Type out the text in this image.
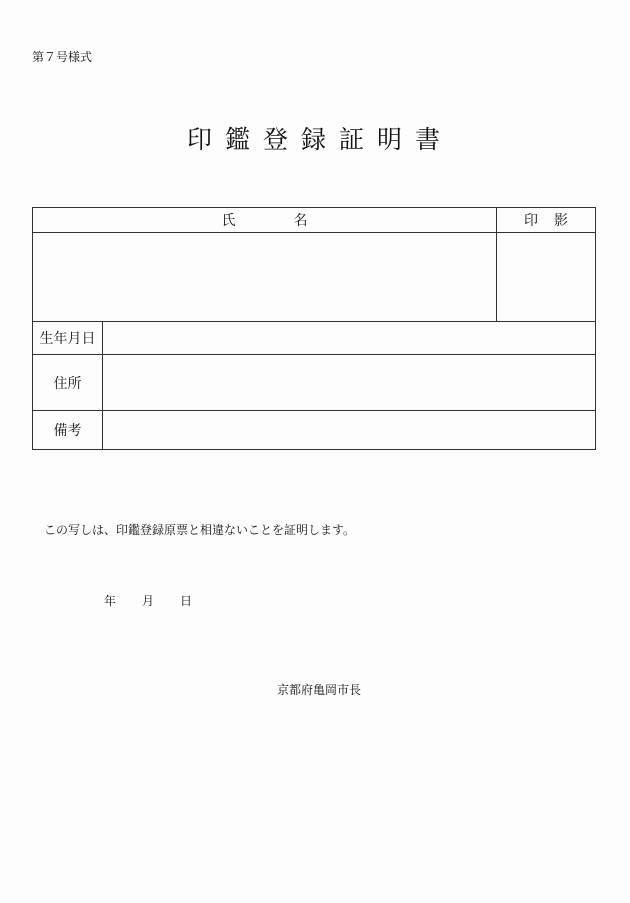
第７号様式
印鑑登録証明書
氏 名		印 影

生年月日		
住所		
備考		
この写しは、印鑑登録原票と相違ないことを証明します。
年 月 日
京都府亀岡市長
